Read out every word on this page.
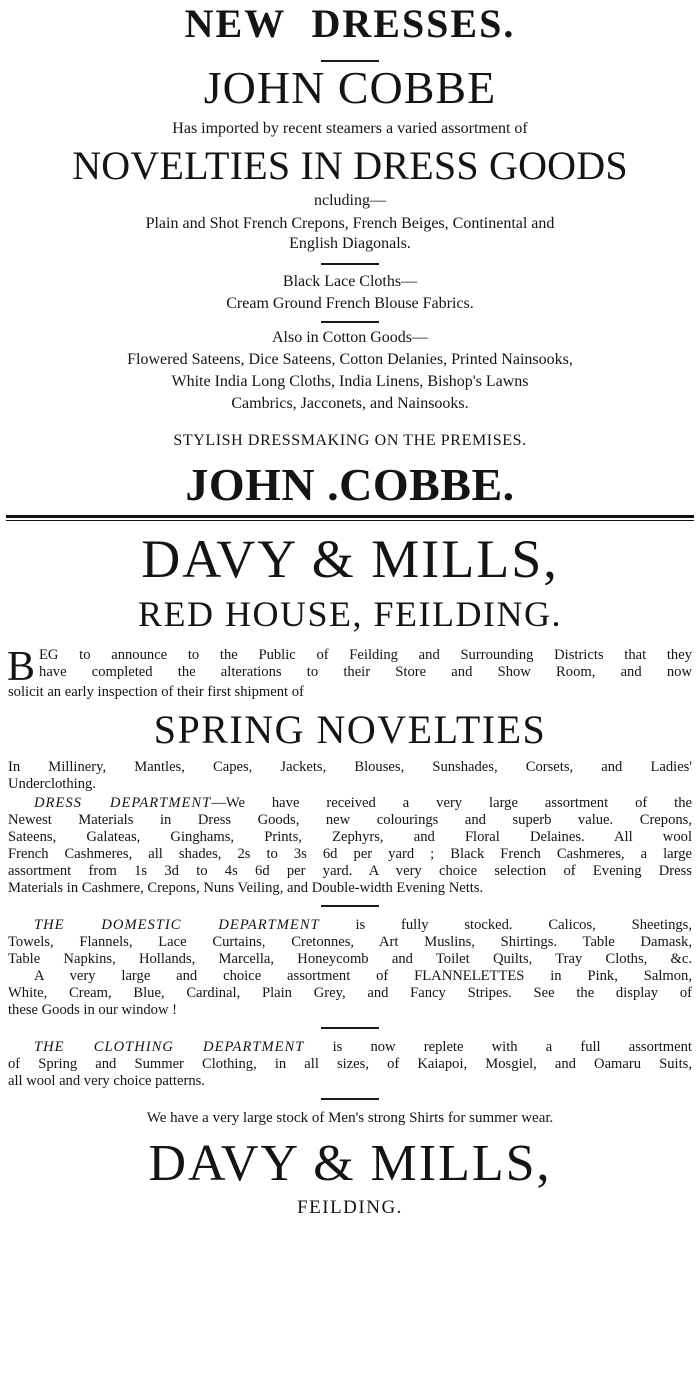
NEW DRESSES.
JOHN COBBE
Has imported by recent steamers a varied assortment of
NOVELTIES IN DRESS GOODS
ncluding—
Plain and Shot French Crepons, French Beiges, Continental and
English Diagonals.
Black Lace Cloths—
Cream Ground French Blouse Fabrics.
Also in Cotton Goods—
Flowered Sateens, Dice Sateens, Cotton Delanies, Printed Nainsooks,
White India Long Cloths, India Linens, Bishop's Lawns
Cambrics, Jacconets, and Nainsooks.
STYLISH DRESSMAKING ON THE PREMISES.
JOHN .COBBE.
DAVY & MILLS,
RED HOUSE, FEILDING.
B EG to announce to the Public of Feilding and Surrounding Districts that they
have completed the alterations to their Store and Show Room, and now
solicit an early inspection of their first shipment of
SPRING NOVELTIES
In Millinery, Mantles, Capes, Jackets, Blouses, Sunshades, Corsets, and Ladies'
Underclothing.
DRESS DEPARTMENT—We have received a very large assortment of the
Newest Materials in Dress Goods, new colourings and superb value. Crepons,
Sateens, Galateas, Ginghams, Prints, Zephyrs, and Floral Delaines. All wool
French Cashmeres, all shades, 2s to 3s 6d per yard ; Black French Cashmeres, a large
assortment from 1s 3d to 4s 6d per yard. A very choice selection of Evening Dress
Materials in Cashmere, Crepons, Nuns Veiling, and Double-width Evening Netts.
THE DOMESTIC DEPARTMENT is fully stocked. Calicos, Sheetings,
Towels, Flannels, Lace Curtains, Cretonnes, Art Muslins, Shirtings. Table Damask,
Table Napkins, Hollands, Marcella, Honeycomb and Toilet Quilts, Tray Cloths, &c.
A very large and choice assortment of FLANNELETTES in Pink, Salmon,
White, Cream, Blue, Cardinal, Plain Grey, and Fancy Stripes. See the display of
these Goods in our window !
THE CLOTHING DEPARTMENT is now replete with a full assortment
of Spring and Summer Clothing, in all sizes, of Kaiapoi, Mosgiel, and Oamaru Suits,
all wool and very choice patterns.
We have a very large stock of Men's strong Shirts for summer wear.
DAVY & MILLS,
FEILDING.
